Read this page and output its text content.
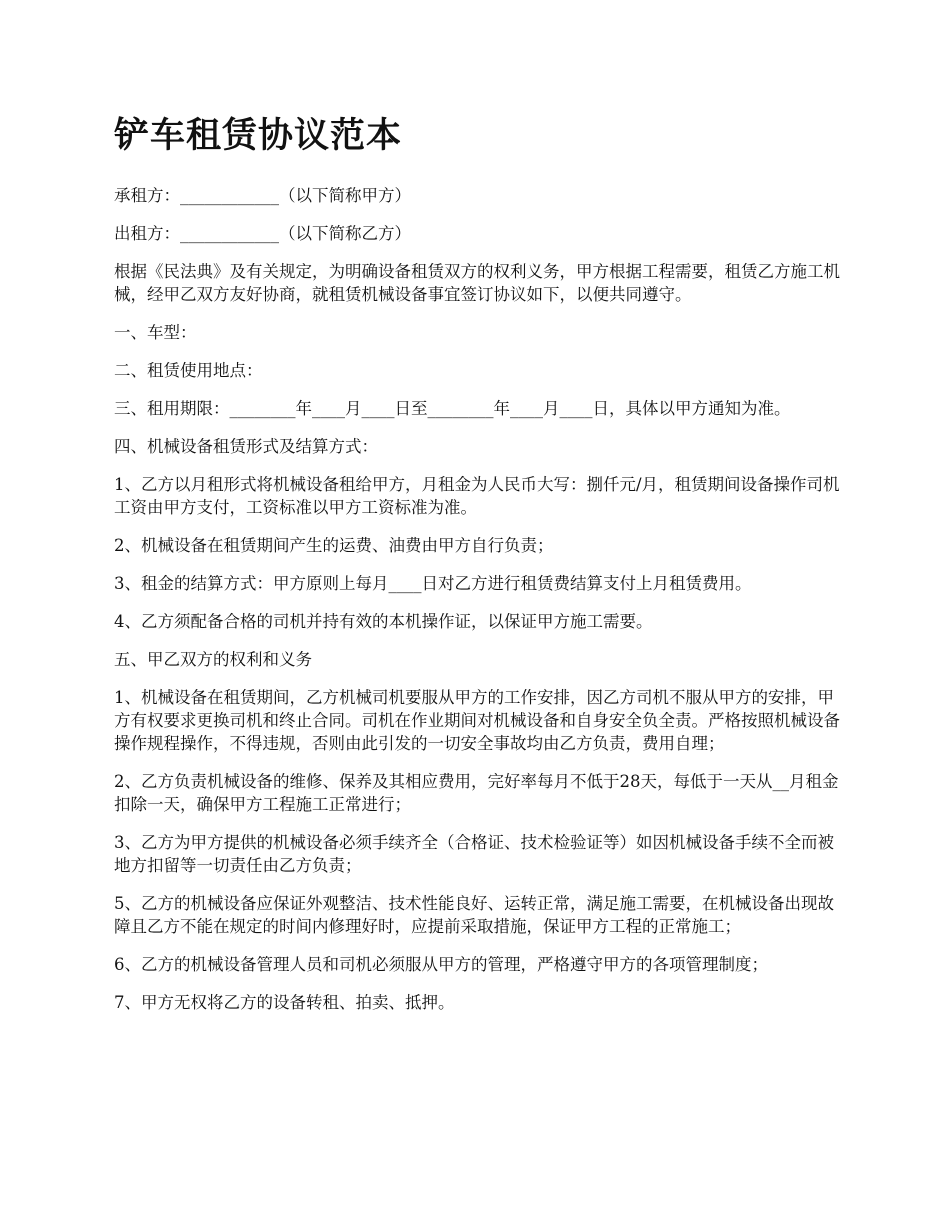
铲车租赁协议范本

承租方：____________（以下简称甲方）

出租方：____________（以下简称乙方）

根据《民法典》及有关规定，为明确设备租赁双方的权利义务，甲方根据工程需要，租赁乙方施工机械，经甲乙双方友好协商，就租赁机械设备事宜签订协议如下，以便共同遵守。

一、车型：

二、租赁使用地点：

三、租用期限：________年____月____日至________年____月____日，具体以甲方通知为准。

四、机械设备租赁形式及结算方式：

1、乙方以月租形式将机械设备租给甲方，月租金为人民币大写：捌仟元/月，租赁期间设备操作司机工资由甲方支付，工资标准以甲方工资标准为准。

2、机械设备在租赁期间产生的运费、油费由甲方自行负责；

3、租金的结算方式：甲方原则上每月____日对乙方进行租赁费结算支付上月租赁费用。

4、乙方须配备合格的司机并持有效的本机操作证，以保证甲方施工需要。

五、甲乙双方的权利和义务

1、机械设备在租赁期间，乙方机械司机要服从甲方的工作安排，因乙方司机不服从甲方的安排，甲方有权要求更换司机和终止合同。司机在作业期间对机械设备和自身安全负全责。严格按照机械设备操作规程操作，不得违规，否则由此引发的一切安全事故均由乙方负责，费用自理；

2、乙方负责机械设备的维修、保养及其相应费用，完好率每月不低于28天，每低于一天从__月租金扣除一天，确保甲方工程施工正常进行；

3、乙方为甲方提供的机械设备必须手续齐全（合格证、技术检验证等）如因机械设备手续不全而被地方扣留等一切责任由乙方负责；

5、乙方的机械设备应保证外观整洁、技术性能良好、运转正常，满足施工需要，在机械设备出现故障且乙方不能在规定的时间内修理好时，应提前采取措施，保证甲方工程的正常施工；

6、乙方的机械设备管理人员和司机必须服从甲方的管理，严格遵守甲方的各项管理制度；

7、甲方无权将乙方的设备转租、拍卖、抵押。
